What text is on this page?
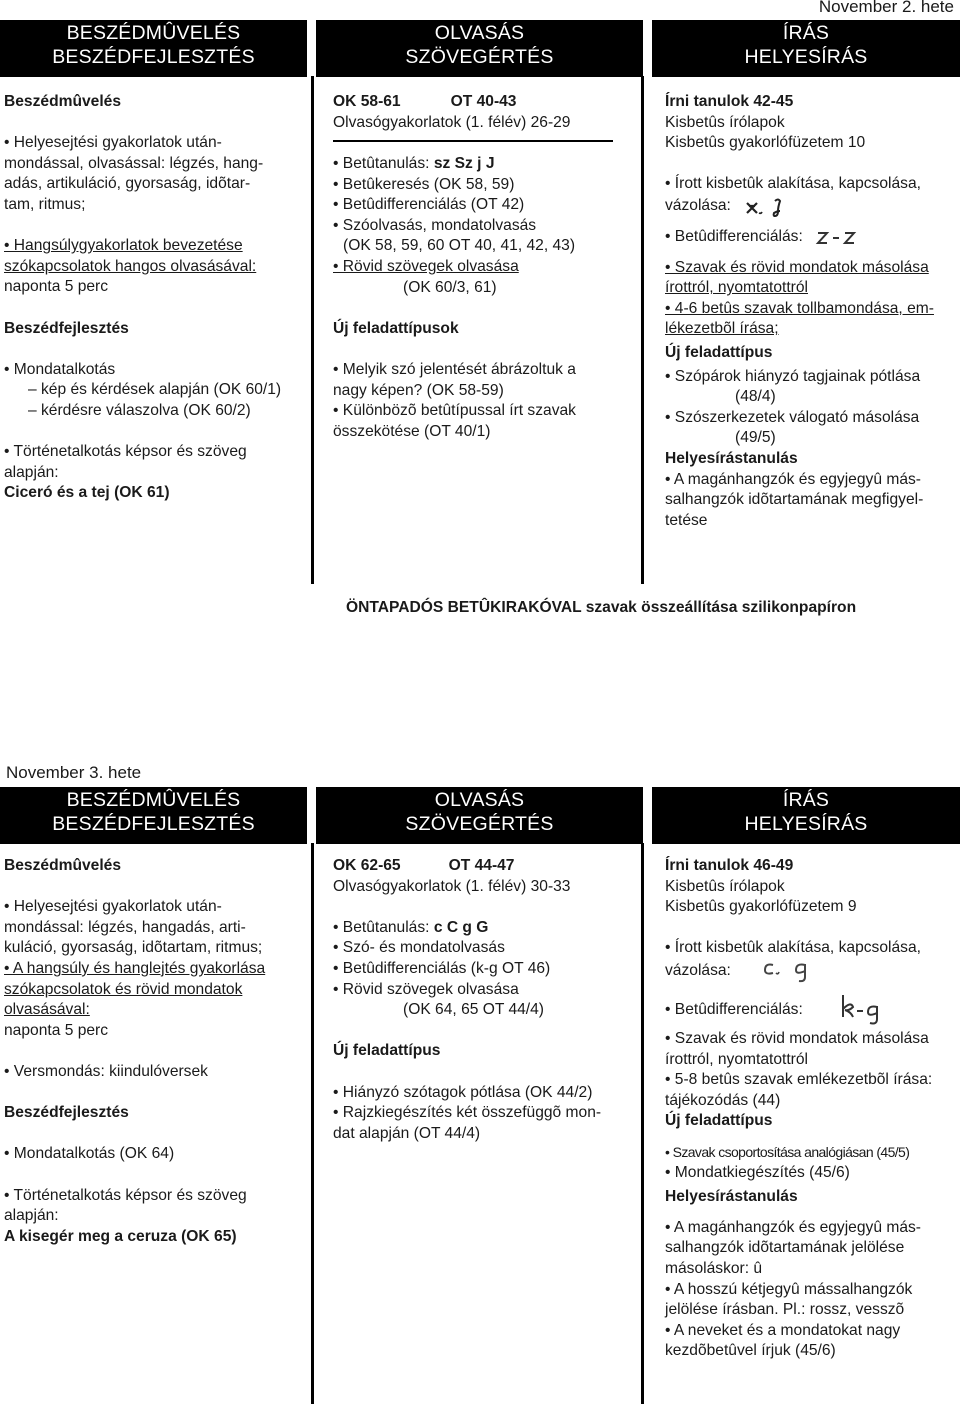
November 2. hete
BESZÉDMÛVELÉS
BESZÉDFEJLESZTÉS
OLVASÁS
SZÖVEGÉRTÉS
ÍRÁS
HELYESÍRÁS

Beszédmûvelés

• Helyesejtési gyakorlatok után-
mondással, olvasással: légzés, hang-
adás, artikuláció, gyorsaság, idõtar-
tam, ritmus;

• Hangsúlygyakorlatok bevezetése
szókapcsolatok hangos olvasásával:

naponta 5 perc

Beszédfejlesztés

• Mondatalkotás

– kép és kérdések alapján (OK 60/1)

– kérdésre válaszolva (OK 60/2)

• Történetalkotás képsor és szöveg
alapján:

Ciceró és a tej (OK 61)

OK 58-61	OT 40-43

Olvasógyakorlatok (1. félév) 26-29

• Betûtanulás: sz Sz j J

• Betûkeresés (OK 58, 59)

• Betûdifferenciálás (OT 42)

• Szóolvasás, mondatolvasás

(OK 58, 59, 60 OT 40, 41, 42, 43)

• Rövid szövegek olvasása

(OK 60/3, 61)

Új feladattípusok

• Melyik szó jelentését ábrázoltuk a
nagy képen? (OK 58-59)

• Különbözõ betûtípussal írt szavak
összekötése (OT 40/1)

Írni tanulok 42-45

Kisbetûs írólapok

Kisbetûs gyakorlófüzetem 10

• Írott kisbetûk alakítása, kapcsolása,

vázolása:

• Betûdifferenciálás:

• Szavak és rövid mondatok másolása
írottról, nyomtatottról

• 4-6 betûs szavak tollbamondása, em-
lékezetbõl írása;

Új feladattípus

• Szópárok hiányzó tagjainak pótlása

(48/4)

• Szószerkezetek válogató másolása

(49/5)

Helyesírástanulás

• A magánhangzók és egyjegyû más-
salhangzók idõtartamának megfigyel-
tetése

ÖNTAPADÓS BETÛKIRAKÓVAL szavak összeállítása szilikonpapíron
November 3. hete
BESZÉDMÛVELÉS
BESZÉDFEJLESZTÉS
OLVASÁS
SZÖVEGÉRTÉS
ÍRÁS
HELYESÍRÁS

Beszédmûvelés

• Helyesejtési gyakorlatok után-
mondással: légzés, hangadás, arti-
kuláció, gyorsaság, idõtartam, ritmus;

• A hangsúly és hanglejtés gyakorlása
szókapcsolatok és rövid mondatok
olvasásával:

naponta 5 perc

• Versmondás: kiindulóversek

Beszédfejlesztés

• Mondatalkotás (OK 64)

• Történetalkotás képsor és szöveg
alapján:

A kisegér meg a ceruza (OK 65)

OK 62-65	OT 44-47

Olvasógyakorlatok (1. félév) 30-33

• Betûtanulás: c C g G

• Szó- és mondatolvasás

• Betûdifferenciálás (k-g OT 46)

• Rövid szövegek olvasása

(OK 64, 65 OT 44/4)

Új feladattípus

• Hiányzó szótagok pótlása (OK 44/2)

• Rajzkiegészítés két összefüggõ mon-
dat alapján (OT 44/4)

Írni tanulok 46-49

Kisbetûs írólapok

Kisbetûs gyakorlófüzetem 9

• Írott kisbetûk alakítása, kapcsolása,

vázolása:

• Betûdifferenciálás:

• Szavak és rövid mondatok másolása

írottról, nyomtatottról

• 5-8 betûs szavak emlékezetbõl írása:

tájékozódás (44)

Új feladattípus

• Szavak csoportosítása analógiásan (45/5)

• Mondatkiegészítés (45/6)

Helyesírástanulás

• A magánhangzók és egyjegyû más-
salhangzók idõtartamának jelölése
másoláskor: û

• A hosszú kétjegyû mássalhangzók
jelölése írásban. Pl.: rossz, vesszõ

• A neveket és a mondatokat nagy
kezdõbetûvel írjuk (45/6)
